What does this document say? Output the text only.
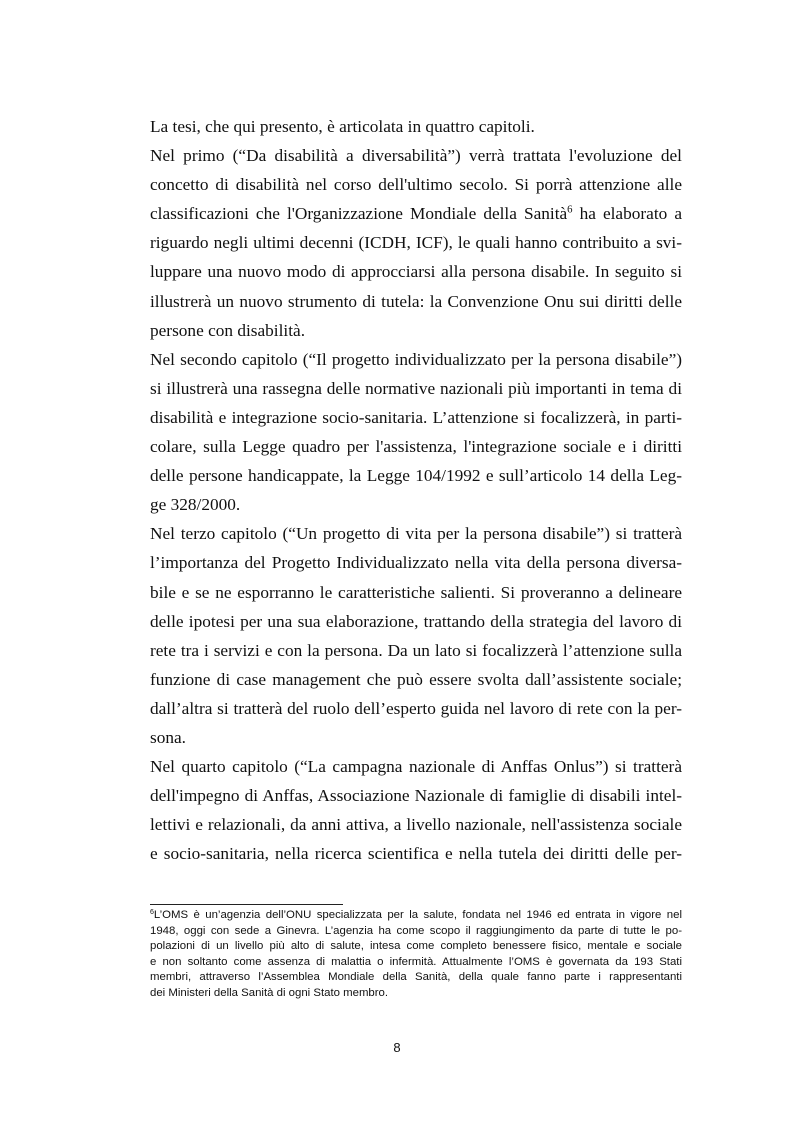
La tesi, che qui presento, è articolata in quattro capitoli.
Nel primo (“Da disabilità a diversabilità”) verrà trattata l'evoluzione del
concetto di disabilità nel corso dell'ultimo secolo. Si porrà attenzione alle
classificazioni che l'Organizzazione Mondiale della Sanità$^6$ ha elaborato a
riguardo negli ultimi decenni (ICDH, ICF), le quali hanno contribuito a svi-
luppare una nuovo modo di approcciarsi alla persona disabile. In seguito si
illustrerà un nuovo strumento di tutela: la Convenzione Onu sui diritti delle
persone con disabilità.
Nel secondo capitolo (“Il progetto individualizzato per la persona disabile”)
si illustrerà una rassegna delle normative nazionali più importanti in tema di
disabilità e integrazione socio-sanitaria. L’attenzione si focalizzerà, in parti-
colare, sulla Legge quadro per l'assistenza, l'integrazione sociale e i diritti
delle persone handicappate, la Legge 104/1992 e sull’articolo 14 della Leg-
ge 328/2000.
Nel terzo capitolo (“Un progetto di vita per la persona disabile”) si tratterà
l’importanza del Progetto Individualizzato nella vita della persona diversa-
bile e se ne esporranno le caratteristiche salienti. Si proveranno a delineare
delle ipotesi per una sua elaborazione, trattando della strategia del lavoro di
rete tra i servizi e con la persona. Da un lato si focalizzerà l’attenzione sulla
funzione di case management che può essere svolta dall’assistente sociale;
dall’altra si tratterà del ruolo dell’esperto guida nel lavoro di rete con la per-
sona.
Nel quarto capitolo (“La campagna nazionale di Anffas Onlus”) si tratterà
dell'impegno di Anffas, Associazione Nazionale di famiglie di disabili intel-
lettivi e relazionali, da anni attiva, a livello nazionale, nell'assistenza sociale
e socio-sanitaria, nella ricerca scientifica e nella tutela dei diritti delle per-
$^6$L’OMS è un’agenzia dell’ONU specializzata per la salute, fondata nel 1946 ed entrata in vigore nel
1948, oggi con sede a Ginevra. L’agenzia ha come scopo il raggiungimento da parte di tutte le po-
polazioni di un livello più alto di salute, intesa come completo benessere fisico, mentale e sociale
e non soltanto come assenza di malattia o infermità. Attualmente l’OMS è governata da 193 Stati
membri, attraverso l’Assemblea Mondiale della Sanità, della quale fanno parte i rappresentanti
dei Ministeri della Sanità di ogni Stato membro.
8
